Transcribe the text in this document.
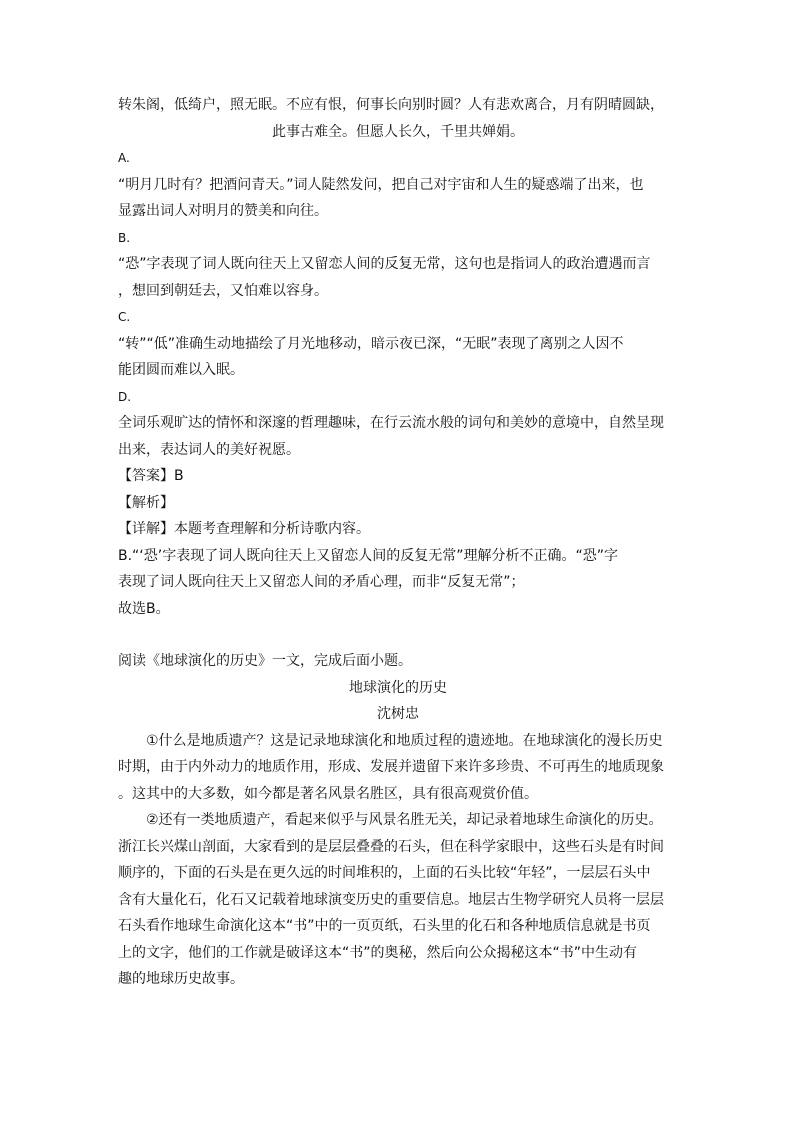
转朱阁，低绮户，照无眠。不应有恨，何事长向别时圆？人有悲欢离合，月有阴晴圆缺，

此事古难全。但愿人长久，千里共婵娟。

A.

“明月几时有？把酒问青天。”词人陡然发问，把自己对宇宙和人生的疑惑端了出来，也

显露出词人对明月的赞美和向往。

B.

“恐”字表现了词人既向往天上又留恋人间的反复无常，这句也是指词人的政治遭遇而言

，想回到朝廷去，又怕难以容身。

C.

“转”“低”准确生动地描绘了月光地移动，暗示夜已深，“无眠”表现了离别之人因不

能团圆而难以入眠。

D.

全词乐观旷达的情怀和深邃的哲理趣味，在行云流水般的词句和美妙的意境中，自然呈现

出来，表达词人的美好祝愿。

【答案】B

【解析】

【详解】本题考查理解和分析诗歌内容。

B.“‘恐’字表现了词人既向往天上又留恋人间的反复无常”理解分析不正确。“恐”字

表现了词人既向往天上又留恋人间的矛盾心理，而非“反复无常”；

故选B。

阅读《地球演化的历史》一文，完成后面小题。

地球演化的历史

沈树忠

①什么是地质遗产？这是记录地球演化和地质过程的遗迹地。在地球演化的漫长历史

时期，由于内外动力的地质作用，形成、发展并遗留下来许多珍贵、不可再生的地质现象

。这其中的大多数，如今都是著名风景名胜区，具有很高观赏价值。

②还有一类地质遗产，看起来似乎与风景名胜无关，却记录着地球生命演化的历史。

浙江长兴煤山剖面，大家看到的是层层叠叠的石头，但在科学家眼中，这些石头是有时间

顺序的，下面的石头是在更久远的时间堆积的，上面的石头比较“年轻”，一层层石头中

含有大量化石，化石又记载着地球演变历史的重要信息。地层古生物学研究人员将一层层

石头看作地球生命演化这本“书”中的一页页纸，石头里的化石和各种地质信息就是书页

上的文字，他们的工作就是破译这本“书”的奥秘，然后向公众揭秘这本“书”中生动有

趣的地球历史故事。
